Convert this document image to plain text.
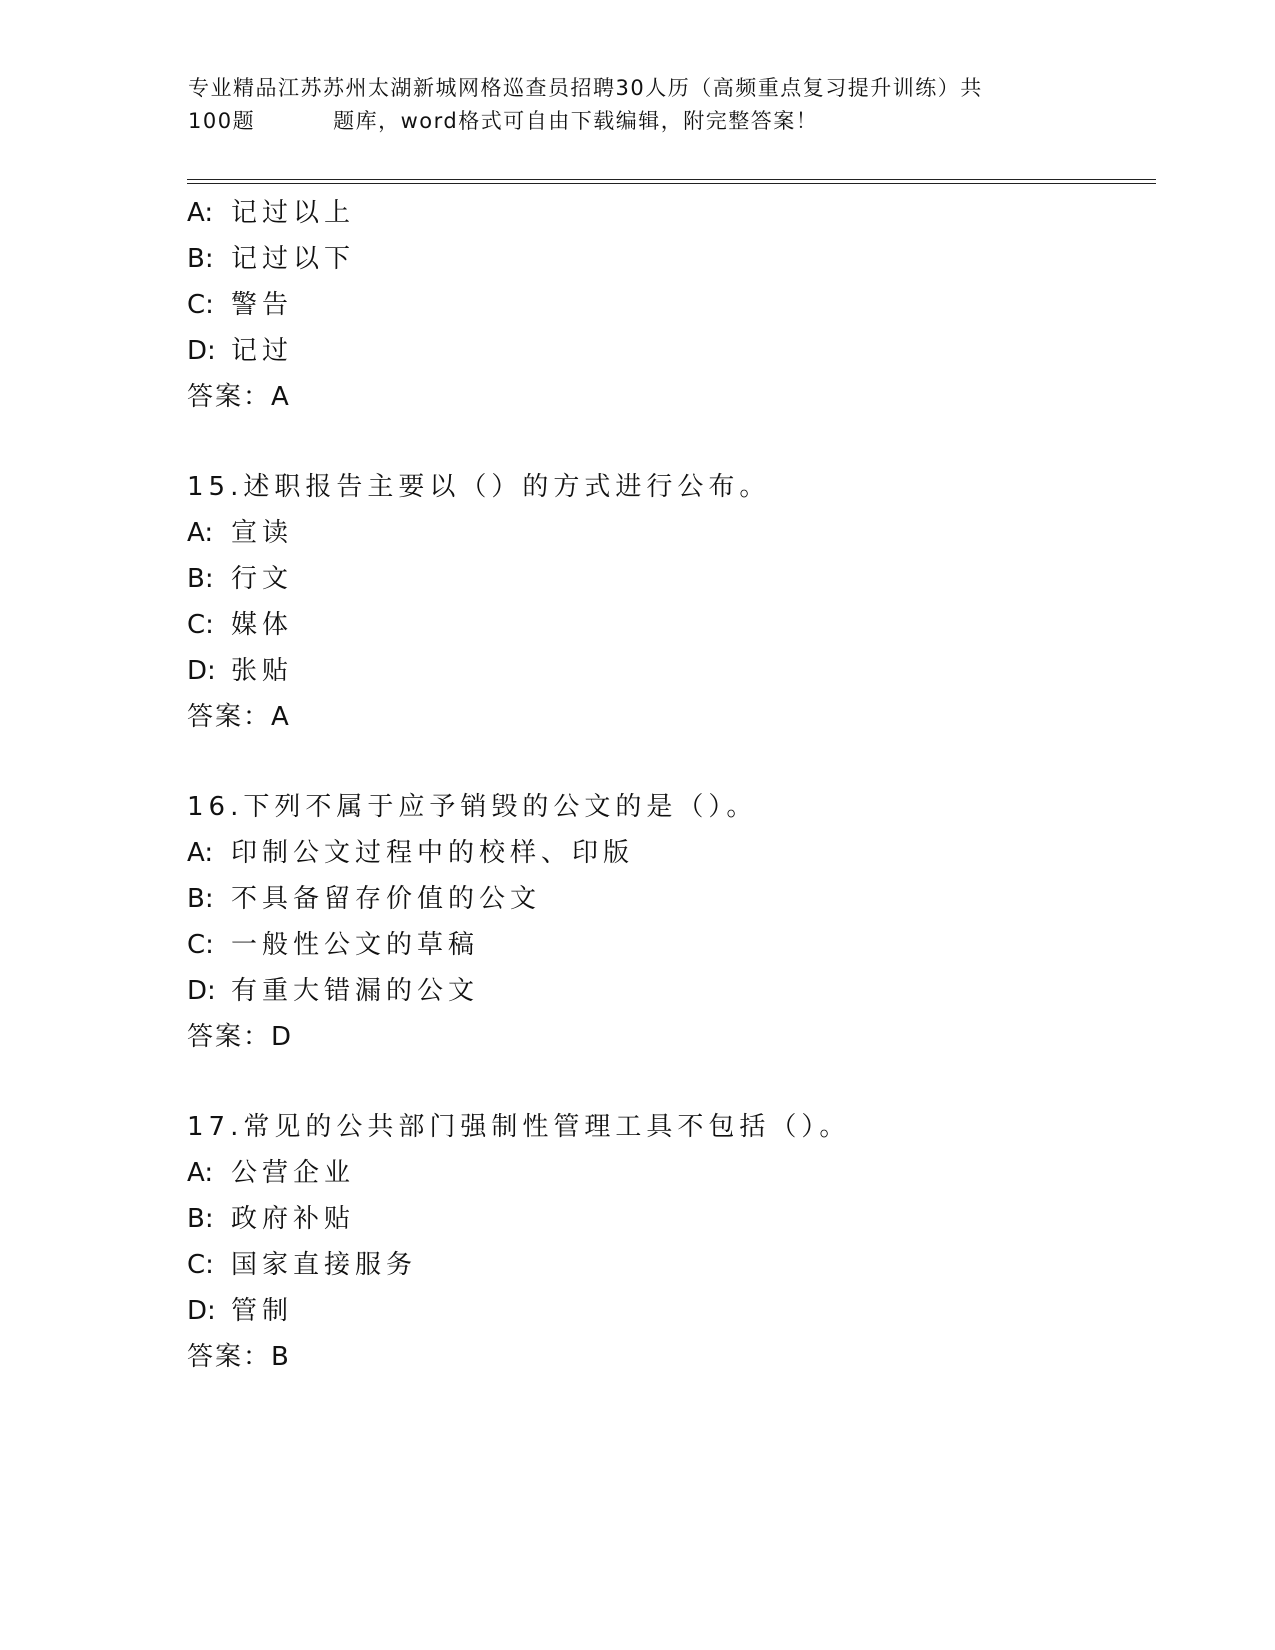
专业精品江苏苏州太湖新城网格巡查员招聘30人历（高频重点复习提升训练）共
100题	题库，word格式可自由下载编辑，附完整答案！
A: 记过以上
B: 记过以下
C: 警告
D: 记过
答案：A
15.述职报告主要以（）的方式进行公布。
A: 宣读
B: 行文
C: 媒体
D: 张贴
答案：A
16.下列不属于应予销毁的公文的是（）。
A: 印制公文过程中的校样、印版
B: 不具备留存价值的公文
C: 一般性公文的草稿
D: 有重大错漏的公文
答案：D
17.常见的公共部门强制性管理工具不包括（）。
A: 公营企业
B: 政府补贴
C: 国家直接服务
D: 管制
答案：B
